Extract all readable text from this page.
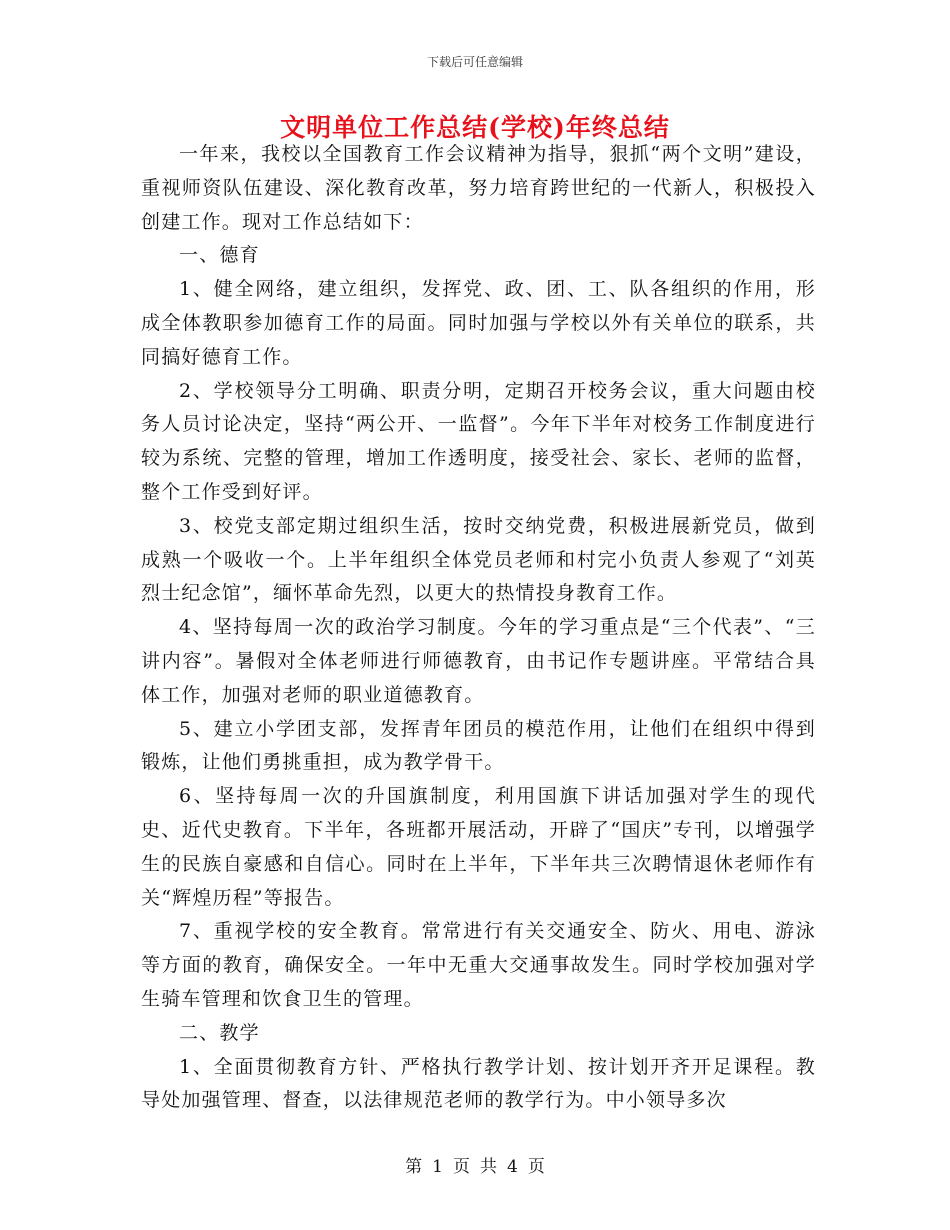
下载后可任意编辑
文明单位工作总结(学校)年终总结

一年来，我校以全国教育工作会议精神为指导，狠抓“两个文明”建设，重视师资队伍建设、深化教育改革，努力培育跨世纪的一代新人，积极投入创建工作。现对工作总结如下：

一、德育

1、健全网络，建立组织，发挥党、政、团、工、队各组织的作用，形成全体教职参加德育工作的局面。同时加强与学校以外有关单位的联系，共同搞好德育工作。

2、学校领导分工明确、职责分明，定期召开校务会议，重大问题由校务人员讨论决定，坚持“两公开、一监督”。今年下半年对校务工作制度进行较为系统、完整的管理，增加工作透明度，接受社会、家长、老师的监督，整个工作受到好评。

3、校党支部定期过组织生活，按时交纳党费，积极进展新党员，做到成熟一个吸收一个。上半年组织全体党员老师和村完小负责人参观了“刘英烈士纪念馆”，缅怀革命先烈，以更大的热情投身教育工作。

4、坚持每周一次的政治学习制度。今年的学习重点是“三个代表”、“三讲内容”。暑假对全体老师进行师德教育，由书记作专题讲座。平常结合具体工作，加强对老师的职业道德教育。

5、建立小学团支部，发挥青年团员的模范作用，让他们在组织中得到锻炼，让他们勇挑重担，成为教学骨干。

6、坚持每周一次的升国旗制度，利用国旗下讲话加强对学生的现代史、近代史教育。下半年，各班都开展活动，开辟了“国庆”专刊，以增强学生的民族自豪感和自信心。同时在上半年，下半年共三次聘情退休老师作有关“辉煌历程”等报告。

7、重视学校的安全教育。常常进行有关交通安全、防火、用电、游泳等方面的教育，确保安全。一年中无重大交通事故发生。同时学校加强对学生骑车管理和饮食卫生的管理。

二、教学

1、全面贯彻教育方针、严格执行教学计划、按计划开齐开足课程。教导处加强管理、督查，以法律规范老师的教学行为。中小领导多次

第 1 页 共 4 页
